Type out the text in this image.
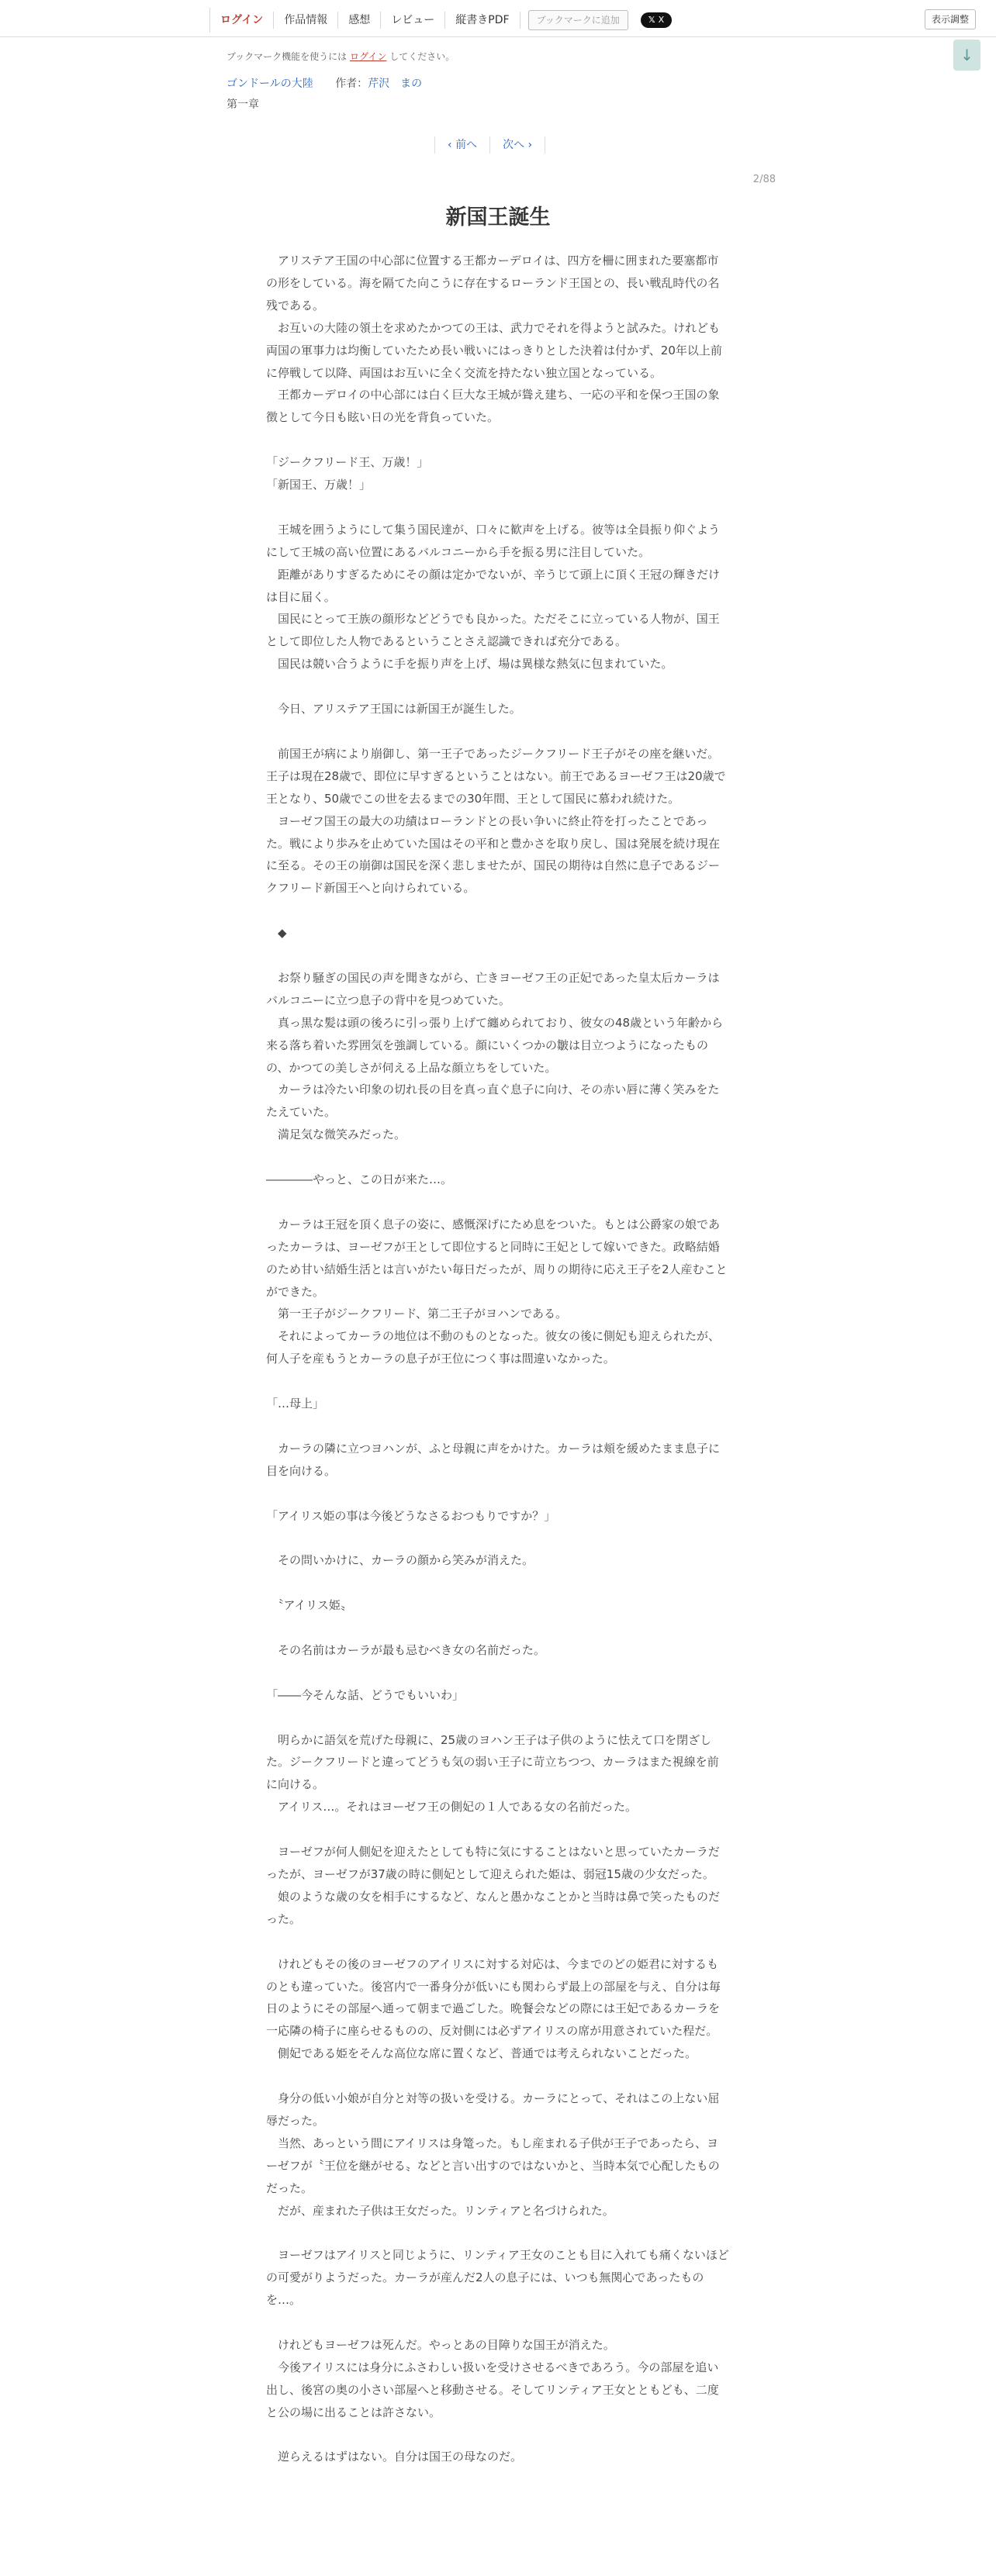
ログイン	作品情報	感想	レビュー	縦書きPDF	ブックマークに追加	𝕏 X	表示調整
ブックマーク機能を使うには ログイン してください。	↓
ゴンドールの大陸 作者：芹沢　まの
第一章
‹ 前へ	次へ ›
2/88
新国王誕生

　アリステア王国の中心部に位置する王都カーデロイは、四方を柵に囲まれた要塞都市の形をしている。海を隔てた向こうに存在するローランド王国との、長い戦乱時代の名残である。

　お互いの大陸の領土を求めたかつての王は、武力でそれを得ようと試みた。けれども両国の軍事力は均衡していたため長い戦いにはっきりとした決着は付かず、20年以上前に停戦して以降、両国はお互いに全く交流を持たない独立国となっている。

　王都カーデロイの中心部には白く巨大な王城が聳え建ち、一応の平和を保つ王国の象徴として今日も眩い日の光を背負っていた。

「ジークフリード王、万歳！」

「新国王、万歳！」

　王城を囲うようにして集う国民達が、口々に歓声を上げる。彼等は全員振り仰ぐようにして王城の高い位置にあるバルコニーから手を振る男に注目していた。

　距離がありすぎるためにその顔は定かでないが、辛うじて頭上に頂く王冠の輝きだけは目に届く。

　国民にとって王族の顔形などどうでも良かった。ただそこに立っている人物が、国王として即位した人物であるということさえ認識できれば充分である。

　国民は競い合うように手を振り声を上げ、場は異様な熱気に包まれていた。

　今日、アリステア王国には新国王が誕生した。

　前国王が病により崩御し、第一王子であったジークフリード王子がその座を継いだ。王子は現在28歳で、即位に早すぎるということはない。前王であるヨーゼフ王は20歳で王となり、50歳でこの世を去るまでの30年間、王として国民に慕われ続けた。

　ヨーゼフ国王の最大の功績はローランドとの長い争いに終止符を打ったことであった。戦により歩みを止めていた国はその平和と豊かさを取り戻し、国は発展を続け現在に至る。その王の崩御は国民を深く悲しませたが、国民の期待は自然に息子であるジークフリード新国王へと向けられている。

　◆

　お祭り騒ぎの国民の声を聞きながら、亡きヨーゼフ王の正妃であった皇太后カーラはバルコニーに立つ息子の背中を見つめていた。

　真っ黒な髪は頭の後ろに引っ張り上げて纏められており、彼女の48歳という年齢から来る落ち着いた雰囲気を強調している。顔にいくつかの皺は目立つようになったものの、かつての美しさが伺える上品な顔立ちをしていた。

　カーラは冷たい印象の切れ長の目を真っ直ぐ息子に向け、その赤い唇に薄く笑みをたたえていた。

　満足気な微笑みだった。

――――やっと、この日が来た…。

　カーラは王冠を頂く息子の姿に、感慨深げにため息をついた。もとは公爵家の娘であったカーラは、ヨーゼフが王として即位すると同時に王妃として嫁いできた。政略結婚のため甘い結婚生活とは言いがたい毎日だったが、周りの期待に応え王子を2人産むことができた。

　第一王子がジークフリード、第二王子がヨハンである。

　それによってカーラの地位は不動のものとなった。彼女の後に側妃も迎えられたが、何人子を産もうとカーラの息子が王位につく事は間違いなかった。

「…母上」

　カーラの隣に立つヨハンが、ふと母親に声をかけた。カーラは頬を緩めたまま息子に目を向ける。

「アイリス姫の事は今後どうなさるおつもりですか？」

　その問いかけに、カーラの顔から笑みが消えた。

　〝アイリス姫〟

　その名前はカーラが最も忌むべき女の名前だった。

「――今そんな話、どうでもいいわ」

　明らかに語気を荒げた母親に、25歳のヨハン王子は子供のように怯えて口を閉ざした。ジークフリードと違ってどうも気の弱い王子に苛立ちつつ、カーラはまた視線を前に向ける。

　アイリス…。それはヨーゼフ王の側妃の１人である女の名前だった。

　ヨーゼフが何人側妃を迎えたとしても特に気にすることはないと思っていたカーラだったが、ヨーゼフが37歳の時に側妃として迎えられた姫は、弱冠15歳の少女だった。

　娘のような歳の女を相手にするなど、なんと愚かなことかと当時は鼻で笑ったものだった。

　けれどもその後のヨーゼフのアイリスに対する対応は、今までのどの姫君に対するものとも違っていた。後宮内で一番身分が低いにも関わらず最上の部屋を与え、自分は毎日のようにその部屋へ通って朝まで過ごした。晩餐会などの際には王妃であるカーラを一応隣の椅子に座らせるものの、反対側には必ずアイリスの席が用意されていた程だ。

　側妃である姫をそんな高位な席に置くなど、普通では考えられないことだった。

　身分の低い小娘が自分と対等の扱いを受ける。カーラにとって、それはこの上ない屈辱だった。

　当然、あっという間にアイリスは身篭った。もし産まれる子供が王子であったら、ヨーゼフが〝王位を継がせる〟などと言い出すのではないかと、当時本気で心配したものだった。

　だが、産まれた子供は王女だった。リンティアと名づけられた。

　ヨーゼフはアイリスと同じように、リンティア王女のことも目に入れても痛くないほどの可愛がりようだった。カーラが産んだ2人の息子には、いつも無関心であったものを…。

　けれどもヨーゼフは死んだ。やっとあの目障りな国王が消えた。

　今後アイリスには身分にふさわしい扱いを受けさせるべきであろう。今の部屋を追い出し、後宮の奥の小さい部屋へと移動させる。そしてリンティア王女とともども、二度と公の場に出ることは許さない。

　逆らえるはずはない。自分は国王の母なのだ。
